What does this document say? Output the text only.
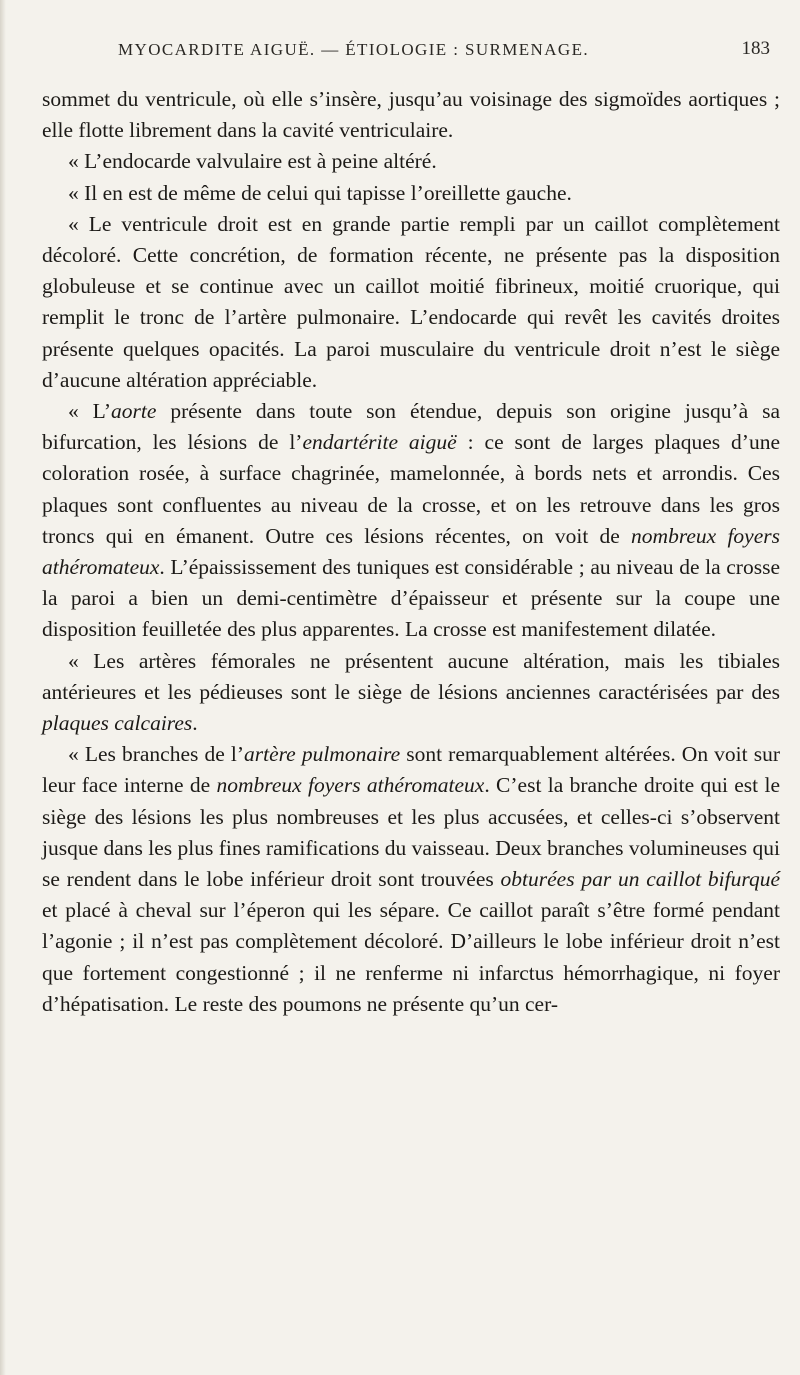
MYOCARDITE AIGUË. — ÉTIOLOGIE : SURMENAGE.	183

sommet du ventricule, où elle s’insère, jusqu’au voisinage des sigmoïdes aortiques ; elle flotte librement dans la cavité ventriculaire.

« L’endocarde valvulaire est à peine altéré.

« Il en est de même de celui qui tapisse l’oreillette gauche.

« Le ventricule droit est en grande partie rempli par un caillot complètement décoloré. Cette concrétion, de formation récente, ne présente pas la disposition globuleuse et se continue avec un caillot moitié fibrineux, moitié cruorique, qui remplit le tronc de l’artère pulmonaire. L’endocarde qui revêt les cavités droites présente quelques opacités. La paroi musculaire du ventricule droit n’est le siège d’aucune altération appréciable.

« L’aorte présente dans toute son étendue, depuis son origine jusqu’à sa bifurcation, les lésions de l’endartérite aiguë : ce sont de larges plaques d’une coloration rosée, à surface chagrinée, mamelonnée, à bords nets et arrondis. Ces plaques sont confluentes au niveau de la crosse, et on les retrouve dans les gros troncs qui en émanent. Outre ces lésions récentes, on voit de nombreux foyers athéromateux. L’épaississement des tuniques est considérable ; au niveau de la crosse la paroi a bien un demi-centimètre d’épaisseur et présente sur la coupe une disposition feuilletée des plus apparentes. La crosse est manifestement dilatée.

« Les artères fémorales ne présentent aucune altération, mais les tibiales antérieures et les pédieuses sont le siège de lésions anciennes caractérisées par des plaques calcaires.

« Les branches de l’artère pulmonaire sont remarquablement altérées. On voit sur leur face interne de nombreux foyers athéromateux. C’est la branche droite qui est le siège des lésions les plus nombreuses et les plus accusées, et celles-ci s’observent jusque dans les plus fines ramifications du vaisseau. Deux branches volumineuses qui se rendent dans le lobe inférieur droit sont trouvées obturées par un caillot bifurqué et placé à cheval sur l’éperon qui les sépare. Ce caillot paraît s’être formé pendant l’agonie ; il n’est pas complètement décoloré. D’ailleurs le lobe inférieur droit n’est que fortement congestionné ; il ne renferme ni infarctus hémorrhagique, ni foyer d’hépatisation. Le reste des poumons ne présente qu’un cer-
